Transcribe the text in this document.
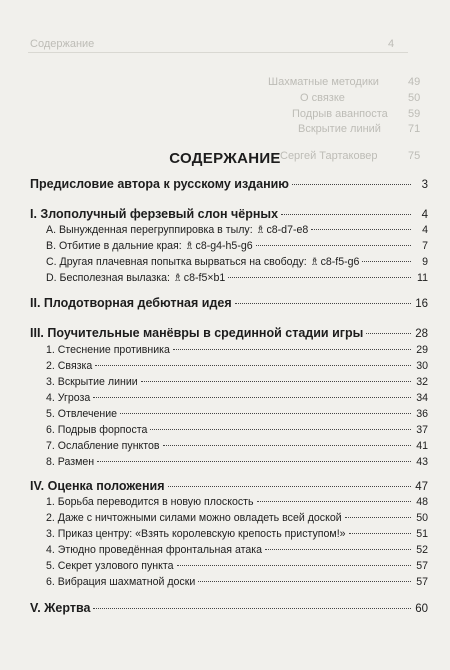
Содержание	4
Шахматные методики	49
О связке	50
Подрыв аванпоста 59
Вскрытие линий 71
Сергей Тартаковер	75
СОДЕРЖАНИЕ
Предисловие автора к русскому изданию	3
I. Злополучный ферзевый слон чёрных	4
А. Вынужденная перегруппировка в тылу: ♗c8-d7-e8	4
B. Отбитие в дальние края: ♗c8-g4-h5-g6	7
C. Другая плачевная попытка вырваться на свободу: ♗c8-f5-g6	9
D. Бесполезная вылазка: ♗c8-f5×b1	11
II. Плодотворная дебютная идея	16
III. Поучительные манёвры в срединной стадии игры	28
1. Стеснение противника	29
2. Связка	30
3. Вскрытие линии	32
4. Угроза	34
5. Отвлечение	36
6. Подрыв форпоста	37
7. Ослабление пунктов	41
8. Размен	43
IV. Оценка положения	47
1. Борьба переводится в новую плоскость	48
2. Даже с ничтожными силами можно овладеть всей доской	50
3. Приказ центру: «Взять королевскую крепость приступом!»	51
4. Этюдно проведённая фронтальная атака	52
5. Секрет узлового пункта	57
6. Вибрация шахматной доски	57
V. Жертва	60
